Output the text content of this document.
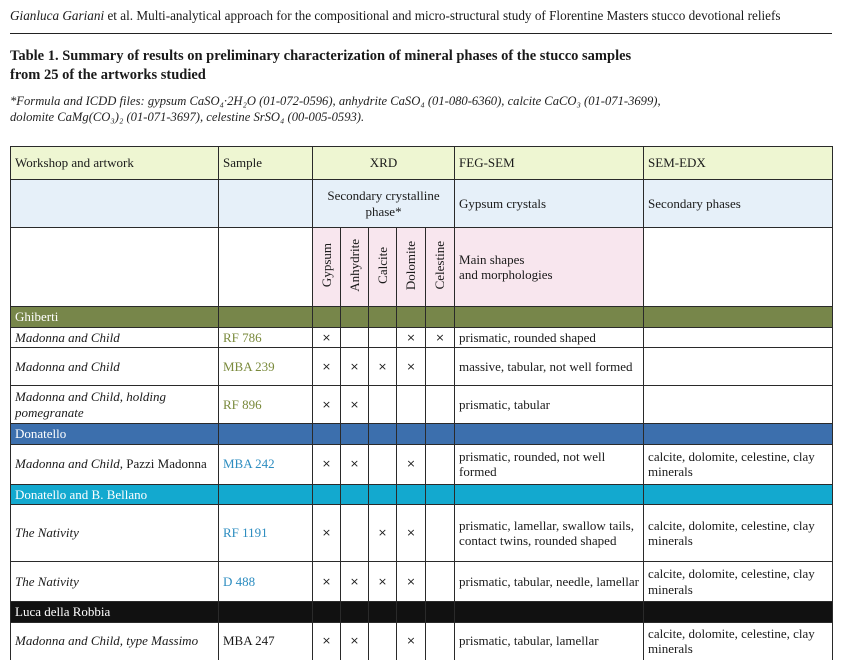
Gianluca Gariani et al. Multi-analytical approach for the compositional and micro-structural study of Florentine Masters stucco devotional reliefs
Table 1. Summary of results on preliminary characterization of mineral phases of the stucco samples
from 25 of the artworks studied
*Formula and ICDD files: gypsum CaSO₄·2H₂O (01-072-0596), anhydrite CaSO₄ (01-080-6360), calcite CaCO₃ (01-071-3699),
dolomite CaMg(CO₃)₂ (01-071-3697), celestine SrSO₄ (00-005-0593).
Workshop and artwork	Sample	XRD					FEG-SEM	SEM-EDX
		Secondary crystalline phase*					Gypsum crystals	Secondary phases
		Gypsum	Anhydrite	Calcite	Dolomite	Celestine	Main shapes
and morphologies	
Ghiberti								
Madonna and Child	RF 786	×			×	×	prismatic, rounded shaped	
Madonna and Child	MBA 239	×	×	×	×		massive, tabular, not well formed	
Madonna and Child, holding pomegranate	RF 896	×	×				prismatic, tabular	
Donatello								
Madonna and Child, Pazzi Madonna	MBA 242	×	×		×		prismatic, rounded, not well formed	calcite, dolomite, celestine, clay minerals
Donatello and B. Bellano								
The Nativity	RF 1191	×		×	×		prismatic, lamellar, swallow tails, contact twins, rounded shaped	calcite, dolomite, celestine, clay minerals
The Nativity	D 488	×	×	×	×		prismatic, tabular, needle, lamellar	calcite, dolomite, celestine, clay minerals
Luca della Robbia								
Madonna and Child, type Massimo	MBA 247	×	×		×		prismatic, tabular, lamellar	calcite, dolomite, celestine, clay minerals
